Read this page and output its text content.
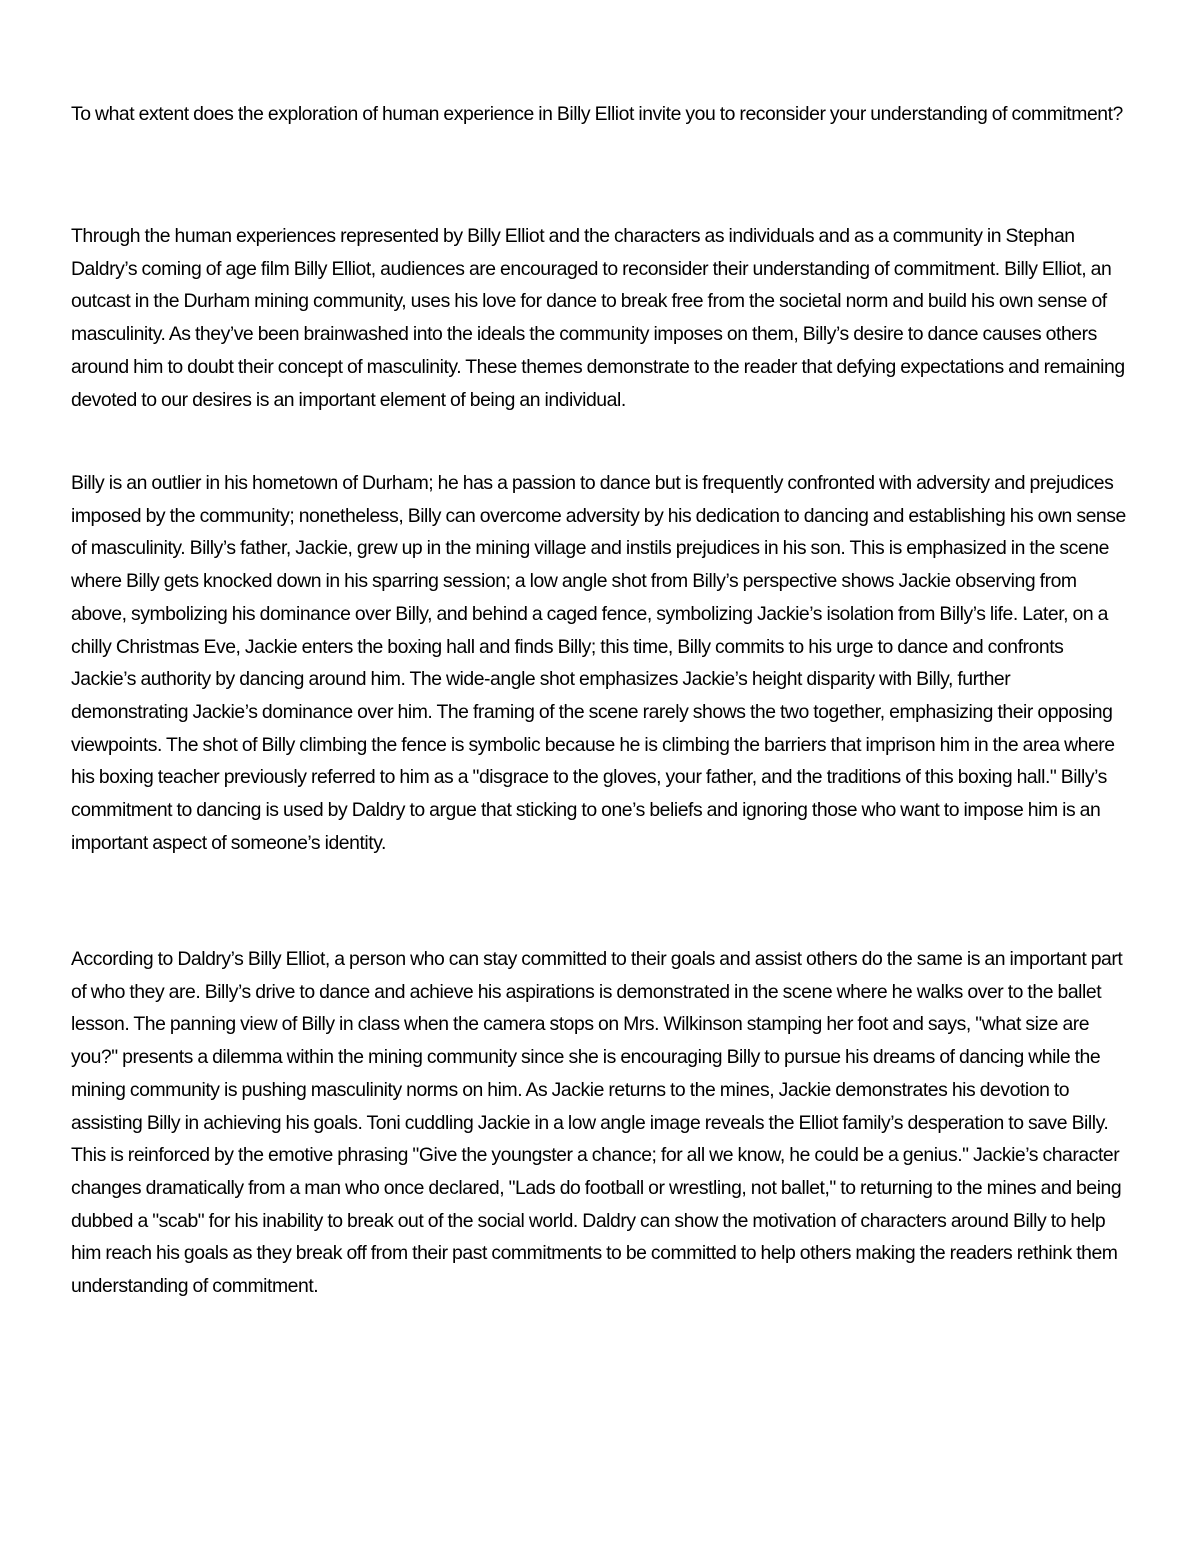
To what extent does the exploration of human experience in Billy Elliot invite you to reconsider your understanding of commitment?

Through the human experiences represented by Billy Elliot and the characters as individuals and as a community in Stephan Daldry’s coming of age film Billy Elliot, audiences are encouraged to reconsider their understanding of commitment. Billy Elliot, an outcast in the Durham mining community, uses his love for dance to break free from the societal norm and build his own sense of masculinity. As they’ve been brainwashed into the ideals the community imposes on them, Billy’s desire to dance causes others around him to doubt their concept of masculinity. These themes demonstrate to the reader that defying expectations and remaining devoted to our desires is an important element of being an individual.

Billy is an outlier in his hometown of Durham; he has a passion to dance but is frequently confronted with adversity and prejudices imposed by the community; nonetheless, Billy can overcome adversity by his dedication to dancing and establishing his own sense of masculinity. Billy’s father, Jackie, grew up in the mining village and instils prejudices in his son. This is emphasized in the scene where Billy gets knocked down in his sparring session; a low angle shot from Billy’s perspective shows Jackie observing from above, symbolizing his dominance over Billy, and behind a caged fence, symbolizing Jackie’s isolation from Billy’s life. Later, on a chilly Christmas Eve, Jackie enters the boxing hall and finds Billy; this time, Billy commits to his urge to dance and confronts Jackie’s authority by dancing around him. The wide-angle shot emphasizes Jackie’s height disparity with Billy, further demonstrating Jackie’s dominance over him. The framing of the scene rarely shows the two together, emphasizing their opposing viewpoints. The shot of Billy climbing the fence is symbolic because he is climbing the barriers that imprison him in the area where his boxing teacher previously referred to him as a "disgrace to the gloves, your father, and the traditions of this boxing hall." Billy’s commitment to dancing is used by Daldry to argue that sticking to one’s beliefs and ignoring those who want to impose him is an important aspect of someone’s identity.

According to Daldry’s Billy Elliot, a person who can stay committed to their goals and assist others do the same is an important part of who they are. Billy’s drive to dance and achieve his aspirations is demonstrated in the scene where he walks over to the ballet lesson. The panning view of Billy in class when the camera stops on Mrs. Wilkinson stamping her foot and says, "what size are you?" presents a dilemma within the mining community since she is encouraging Billy to pursue his dreams of dancing while the mining community is pushing masculinity norms on him. As Jackie returns to the mines, Jackie demonstrates his devotion to assisting Billy in achieving his goals. Toni cuddling Jackie in a low angle image reveals the Elliot family’s desperation to save Billy. This is reinforced by the emotive phrasing "Give the youngster a chance; for all we know, he could be a genius." Jackie’s character changes dramatically from a man who once declared, "Lads do football or wrestling, not ballet," to returning to the mines and being dubbed a "scab" for his inability to break out of the social world. Daldry can show the motivation of characters around Billy to help him reach his goals as they break off from their past commitments to be committed to help others making the readers rethink them understanding of commitment.
